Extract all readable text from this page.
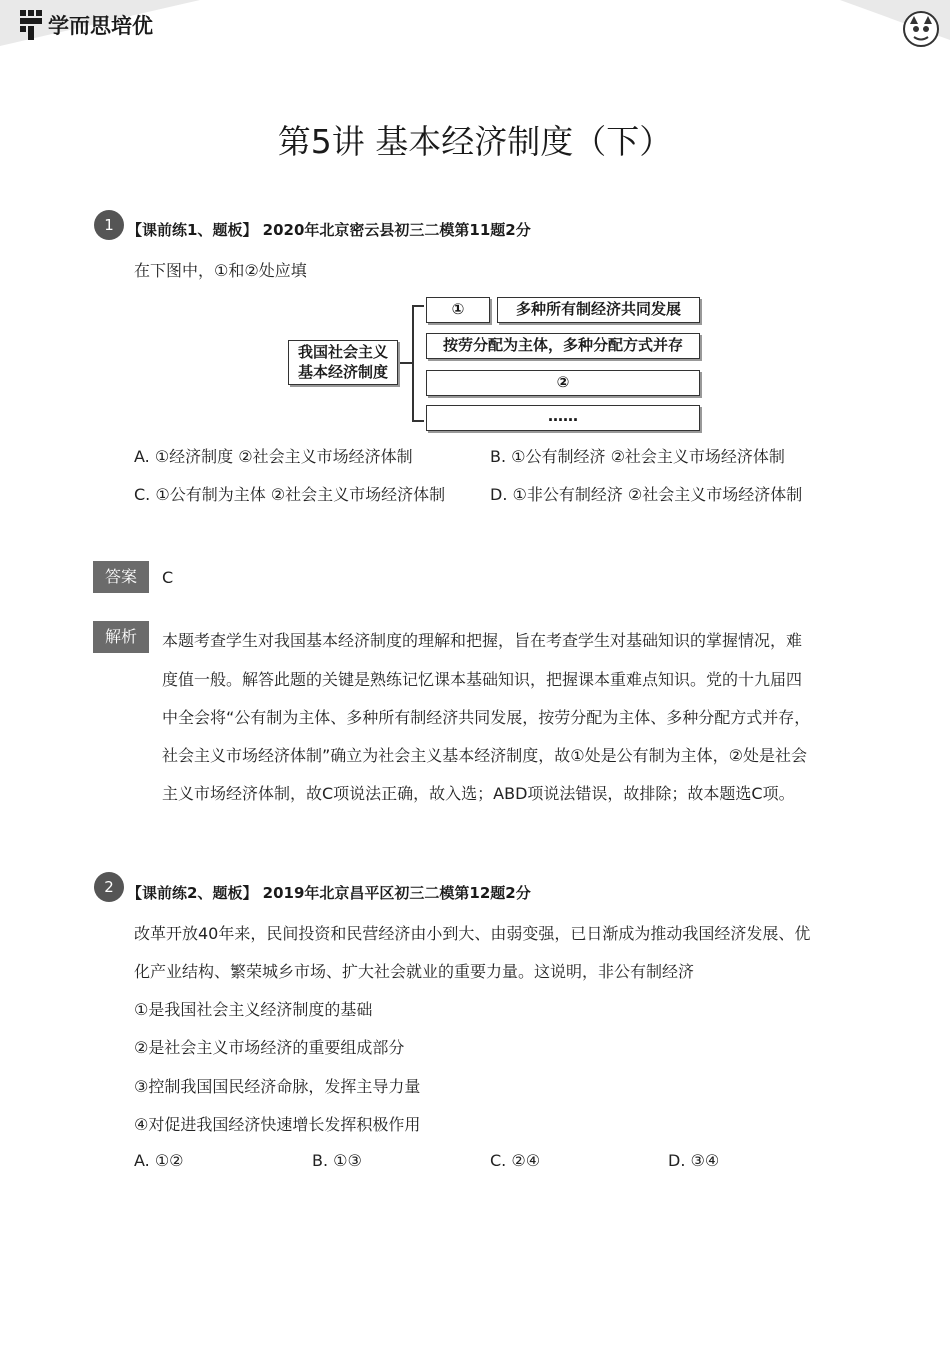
学而思培优
第5讲 基本经济制度（下）
1 【课前练1、题板】 2020年北京密云县初三二模第11题2分
在下图中，①和②处应填
我国社会主义
基本经济制度
①	多种所有制经济共同发展
按劳分配为主体，多种分配方式并存
②
……
A. ①经济制度 ②社会主义市场经济体制	B. ①公有制经济 ②社会主义市场经济体制
C. ①公有制为主体 ②社会主义市场经济体制	D. ①非公有制经济 ②社会主义市场经济体制
答案	C
解析	本题考查学生对我国基本经济制度的理解和把握，旨在考查学生对基础知识的掌握情况，难
度值一般。解答此题的关键是熟练记忆课本基础知识，把握课本重难点知识。党的十九届四
中全会将“公有制为主体、多种所有制经济共同发展，按劳分配为主体、多种分配方式并存，
社会主义市场经济体制”确立为社会主义基本经济制度，故①处是公有制为主体，②处是社会
主义市场经济体制，故C项说法正确，故入选；ABD项说法错误，故排除；故本题选C项。
2 【课前练2、题板】 2019年北京昌平区初三二模第12题2分
改革开放40年来，民间投资和民营经济由小到大、由弱变强，已日渐成为推动我国经济发展、优
化产业结构、繁荣城乡市场、扩大社会就业的重要力量。这说明，非公有制经济
①是我国社会主义经济制度的基础
②是社会主义市场经济的重要组成部分
③控制我国国民经济命脉，发挥主导力量
④对促进我国经济快速增长发挥积极作用
A. ①②	B. ①③	C. ②④	D. ③④
